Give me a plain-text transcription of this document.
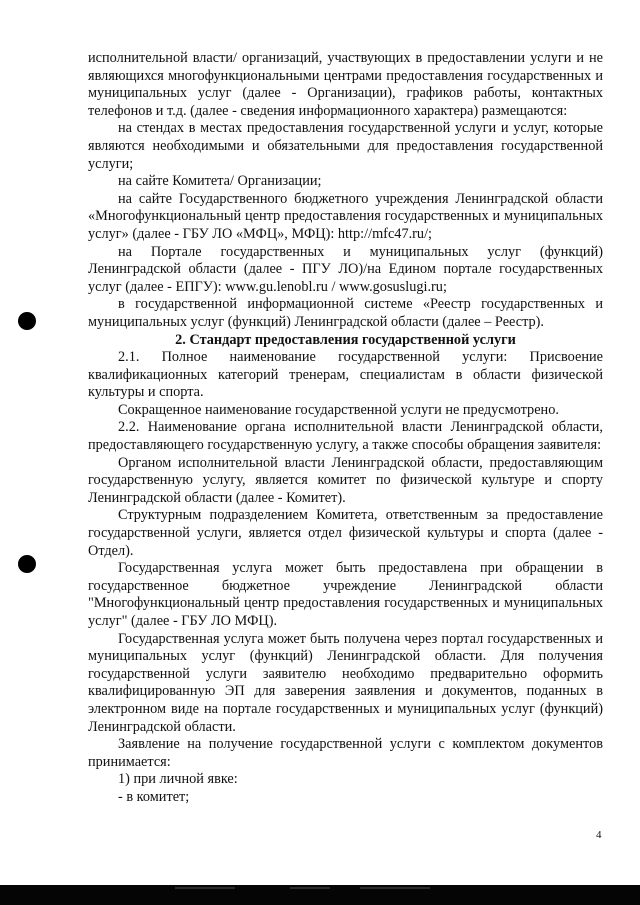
исполнительной власти/ организаций, участвующих в предоставлении услуги и не являющихся многофункциональными центрами предоставления государственных и муниципальных услуг (далее - Организации), графиков работы, контактных телефонов и т.д. (далее - сведения информационного характера) размещаются:

на стендах в местах предоставления государственной услуги и услуг, которые являются необходимыми и обязательными для предоставления государственной услуги;

на сайте Комитета/ Организации;

на сайте Государственного бюджетного учреждения Ленинградской области «Многофункциональный центр предоставления государственных и муниципальных услуг» (далее - ГБУ ЛО «МФЦ», МФЦ): http://mfc47.ru/;

на Портале государственных и муниципальных услуг (функций) Ленинградской области (далее - ПГУ ЛО)/на Едином портале государственных услуг (далее - ЕПГУ): www.gu.lenobl.ru / www.gosuslugi.ru;

в государственной информационной системе «Реестр государственных и муниципальных услуг (функций) Ленинградской области (далее – Реестр).

2. Стандарт предоставления государственной услуги

2.1. Полное наименование государственной услуги: Присвоение квалификационных категорий тренерам, специалистам в области физической культуры и спорта.

Сокращенное наименование государственной услуги не предусмотрено.

2.2. Наименование органа исполнительной власти Ленинградской области, предоставляющего государственную услугу, а также способы обращения заявителя:

Органом исполнительной власти Ленинградской области, предоставляющим государственную услугу, является комитет по физической культуре и спорту Ленинградской области (далее - Комитет).

Структурным подразделением Комитета, ответственным за предоставление государственной услуги, является отдел физической культуры и спорта (далее - Отдел).

Государственная услуга может быть предоставлена при обращении в государственное бюджетное учреждение Ленинградской области "Многофункциональный центр предоставления государственных и муниципальных услуг" (далее - ГБУ ЛО МФЦ).

Государственная услуга может быть получена через портал государственных и муниципальных услуг (функций) Ленинградской области. Для получения государственной услуги заявителю необходимо предварительно оформить квалифицированную ЭП для заверения заявления и документов, поданных в электронном виде на портале государственных и муниципальных услуг (функций) Ленинградской области.

Заявление на получение государственной услуги с комплектом документов принимается:

1) при личной явке:

- в комитет;

4
